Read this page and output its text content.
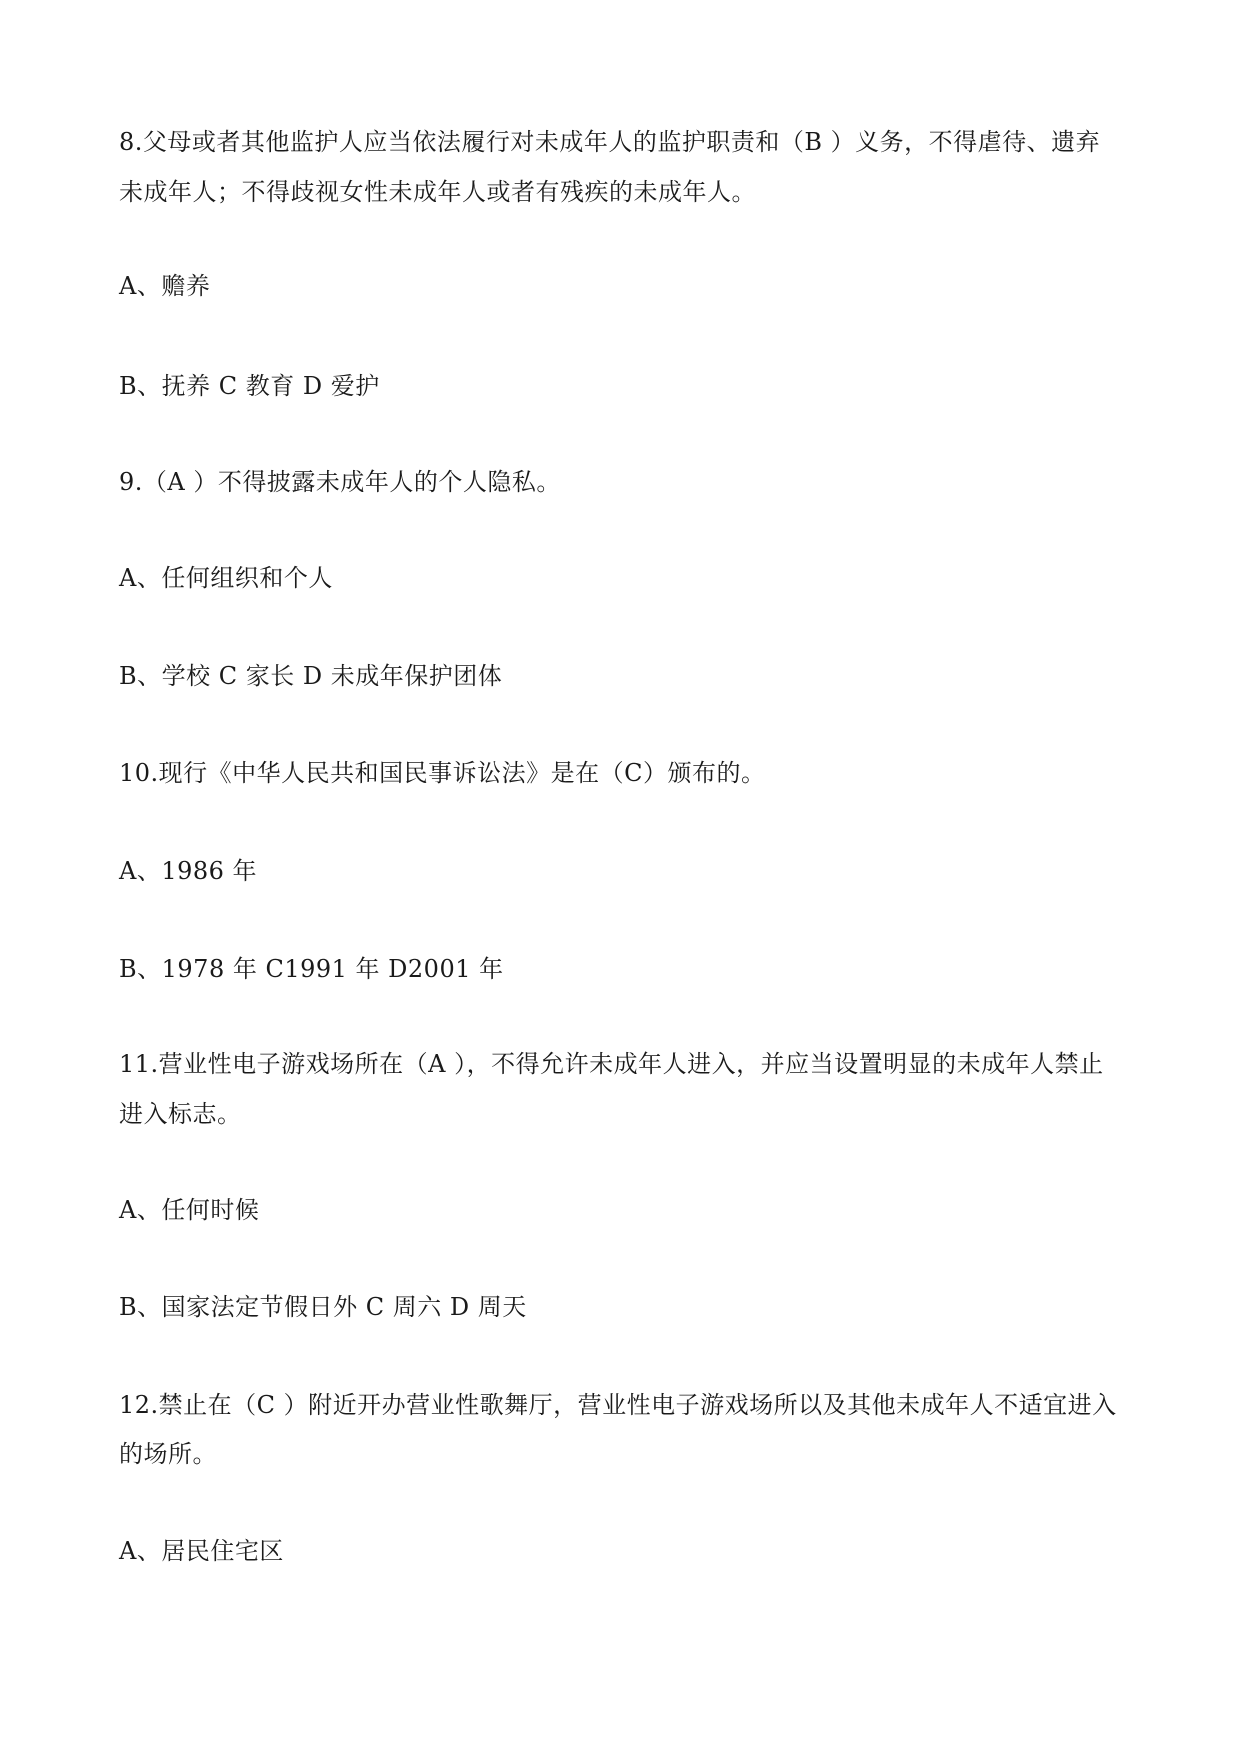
8.父母或者其他监护人应当依法履行对未成年人的监护职责和（B ）义务，不得虐待、遗弃
未成年人；不得歧视女性未成年人或者有残疾的未成年人。
A、赡养
B、抚养 C 教育 D 爱护
9.（A ）不得披露未成年人的个人隐私。
A、任何组织和个人
B、学校 C 家长 D 未成年保护团体
10.现行《中华人民共和国民事诉讼法》是在（C）颁布的。
A、1986 年
B、1978 年 C1991 年 D2001 年
11.营业性电子游戏场所在（A ），不得允许未成年人进入，并应当设置明显的未成年人禁止
进入标志。
A、任何时候
B、国家法定节假日外 C 周六 D 周天
12.禁止在（C ）附近开办营业性歌舞厅，营业性电子游戏场所以及其他未成年人不适宜进入
的场所。
A、居民住宅区
